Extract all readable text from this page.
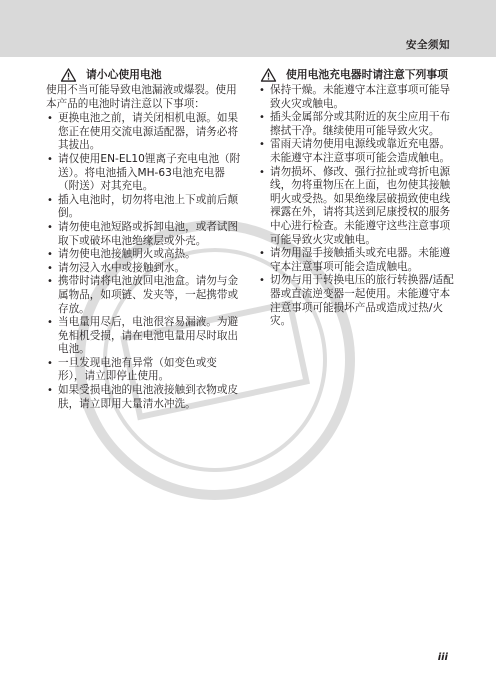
安全须知
请小心使用电池

使用不当可能导致电池漏液或爆裂。使用本产品的电池时请注意以下事项：

• 更换电池之前，请关闭相机电源。如果您正在使用交流电源适配器，请务必将其拔出。
• 请仅使用EN-EL10锂离子充电电池（附送）。将电池插入MH-63电池充电器（附送）对其充电。
• 插入电池时，切勿将电池上下或前后颠倒。
• 请勿使电池短路或拆卸电池，或者试图取下或破坏电池绝缘层或外壳。
• 请勿使电池接触明火或高热。
• 请勿浸入水中或接触到水。
• 携带时请将电池放回电池盒。请勿与金属物品，如项链、发夹等，一起携带或存放。
• 当电量用尽后，电池很容易漏液。为避免相机受损，请在电池电量用尽时取出电池。
• 一旦发现电池有异常（如变色或变形），请立即停止使用。
• 如果受损电池的电池液接触到衣物或皮肤，请立即用大量清水冲洗。
使用电池充电器时请注意下列事项
• 保持干燥。未能遵守本注意事项可能导致火灾或触电。
• 插头金属部分或其附近的灰尘应用干布擦拭干净。继续使用可能导致火灾。
• 雷雨天请勿使用电源线或靠近充电器。未能遵守本注意事项可能会造成触电。
• 请勿损坏、修改、强行拉扯或弯折电源线，勿将重物压在上面，也勿使其接触明火或受热。如果绝缘层破损致使电线裸露在外，请将其送到尼康授权的服务中心进行检查。未能遵守这些注意事项可能导致火灾或触电。
• 请勿用湿手接触插头或充电器。未能遵守本注意事项可能会造成触电。
• 切勿与用于转换电压的旅行转换器/适配器或直流逆变器一起使用。未能遵守本注意事项可能损坏产品或造成过热/火灾。
iii
